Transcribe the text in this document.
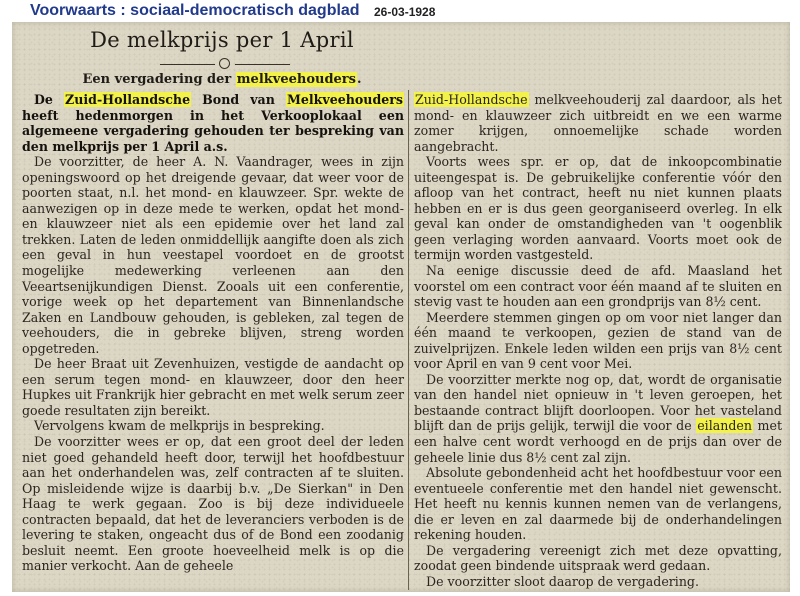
Voorwaarts : sociaal-democratisch dagblad 26-03-1928
De melkprijs per 1 April
Een vergadering der melkveehouders.

De Zuid-Hollandsche Bond van Melkveehouders heeft hedenmorgen in het Verkooplokaal een algemeene vergadering gehouden ter bespreking van den melkprijs per 1 April a.s.

De voorzitter, de heer A. N. Vaandrager, wees in zijn openingswoord op het dreigende gevaar, dat weer voor de poorten staat, n.l. het mond- en klauwzeer. Spr. wekte de aanwezigen op in deze mede te werken, opdat het mond- en klauwzeer niet als een epidemie over het land zal trekken. Laten de leden onmiddellijk aangifte doen als zich een geval in hun veestapel voordoet en de grootst mogelijke medewerking verleenen aan den Veeartsenijkundigen Dienst. Zooals uit een conferentie, vorige week op het departement van Binnenlandsche Zaken en Landbouw gehouden, is gebleken, zal tegen de veehouders, die in gebreke blijven, streng worden opgetreden.

De heer Braat uit Zevenhuizen, vestigde de aandacht op een serum tegen mond- en klauwzeer, door den heer Hupkes uit Frankrijk hier gebracht en met welk serum zeer goede resultaten zijn bereikt.

Vervolgens kwam de melkprijs in bespreking.

De voorzitter wees er op, dat een groot deel der leden niet goed gehandeld heeft door, terwijl het hoofdbestuur aan het onderhandelen was, zelf contracten af te sluiten. Op misleidende wijze is daarbij b.v. „De Sierkan" in Den Haag te werk gegaan. Zoo is bij deze individueele contracten bepaald, dat het de leveranciers verboden is de levering te staken, ongeacht dus of de Bond een zoodanig besluit neemt. Een groote hoeveelheid melk is op die manier verkocht. Aan de geheele

Zuid-Hollandsche melkveehouderij zal daardoor, als het mond- en klauwzeer zich uitbreidt en we een warme zomer krijgen, onnoemelijke schade worden aangebracht.

Voorts wees spr. er op, dat de inkoopcombinatie uiteengespat is. De gebruikelijke conferentie vóór den afloop van het contract, heeft nu niet kunnen plaats hebben en er is dus geen georganiseerd overleg. In elk geval kan onder de omstandigheden van 't oogenblik geen verlaging worden aanvaard. Voorts moet ook de termijn worden vastgesteld.

Na eenige discussie deed de afd. Maasland het voorstel om een contract voor één maand af te sluiten en stevig vast te houden aan een grondprijs van 8½ cent.

Meerdere stemmen gingen op om voor niet langer dan één maand te verkoopen, gezien de stand van de zuivelprijzen. Enkele leden wilden een prijs van 8½ cent voor April en van 9 cent voor Mei.

De voorzitter merkte nog op, dat, wordt de organisatie van den handel niet opnieuw in 't leven geroepen, het bestaande contract blijft doorloopen. Voor het vasteland blijft dan de prijs gelijk, terwijl die voor de eilanden met een halve cent wordt verhoogd en de prijs dan over de geheele linie dus 8½ cent zal zijn.

Absolute gebondenheid acht het hoofdbestuur voor een eventueele conferentie met den handel niet gewenscht. Het heeft nu kennis kunnen nemen van de verlangens, die er leven en zal daarmede bij de onderhandelingen rekening houden.

De vergadering vereenigt zich met deze opvatting, zoodat geen bindende uitspraak werd gedaan.

De voorzitter sloot daarop de vergadering.
